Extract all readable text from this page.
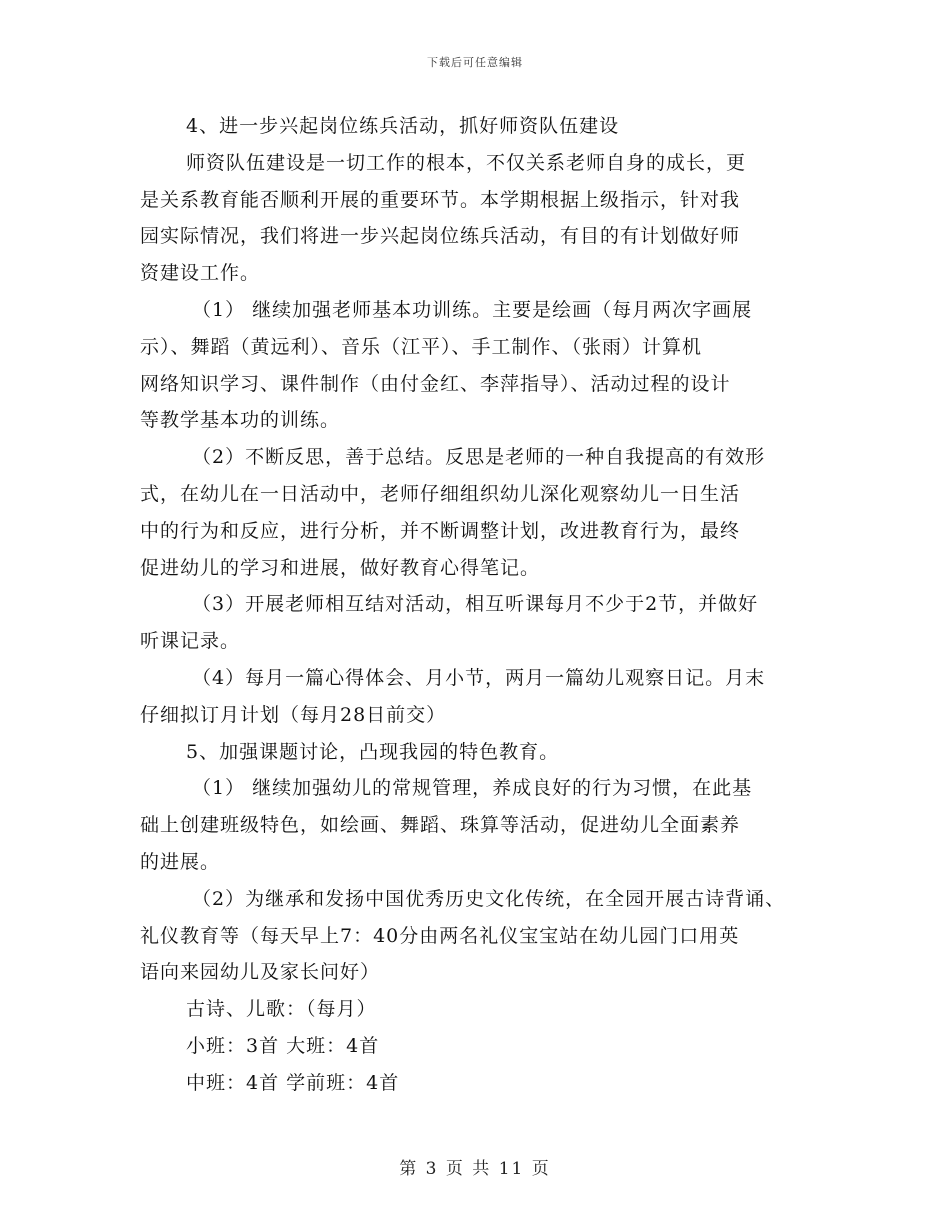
下载后可任意编辑
4、进一步兴起岗位练兵活动，抓好师资队伍建设
师资队伍建设是一切工作的根本，不仅关系老师自身的成长，更
是关系教育能否顺利开展的重要环节。本学期根据上级指示，针对我
园实际情况，我们将进一步兴起岗位练兵活动，有目的有计划做好师
资建设工作。
（1） 继续加强老师基本功训练。主要是绘画（每月两次字画展
示）、舞蹈（黄远利）、音乐（江平）、手工制作、（张雨）计算机
网络知识学习、课件制作（由付金红、李萍指导）、活动过程的设计
等教学基本功的训练。
（2）不断反思，善于总结。反思是老师的一种自我提高的有效形
式，在幼儿在一日活动中，老师仔细组织幼儿深化观察幼儿一日生活
中的行为和反应，进行分析，并不断调整计划，改进教育行为，最终
促进幼儿的学习和进展，做好教育心得笔记。
（3）开展老师相互结对活动，相互听课每月不少于2节，并做好
听课记录。
（4）每月一篇心得体会、月小节，两月一篇幼儿观察日记。月末
仔细拟订月计划（每月28日前交）
5、加强课题讨论，凸现我园的特色教育。
（1） 继续加强幼儿的常规管理，养成良好的行为习惯，在此基
础上创建班级特色，如绘画、舞蹈、珠算等活动，促进幼儿全面素养
的进展。
（2）为继承和发扬中国优秀历史文化传统，在全园开展古诗背诵、
礼仪教育等（每天早上7：40分由两名礼仪宝宝站在幼儿园门口用英
语向来园幼儿及家长问好）
古诗、儿歌：（每月）
小班：3首 大班：4首
中班：4首 学前班：4首
第 3 页 共 11 页
